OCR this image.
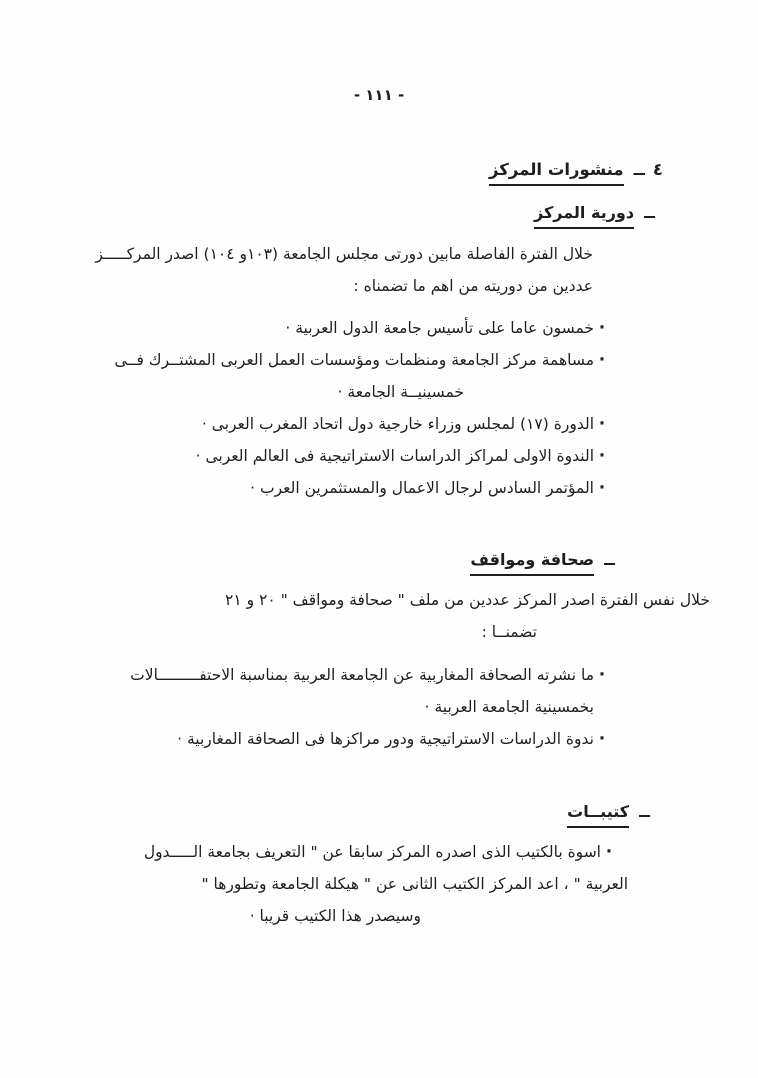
- ١١١ -
٤ــمنشورات المركز
ــدورية المركز
خلال الفترة الفاصلة مابين دورتى مجلس الجامعة (١٠٣و ١٠٤) اصدر المركـــــز
عددين من دوريته من اهم ما تضمناه :
·
خمسون عاما على تأسيس جامعة الدول العربية ·
·
مساهمة مركز الجامعة ومنظمات ومؤسسات العمل العربى المشتــرك فــى
خمسينيــة الجامعة ·
·
الدورة (١٧) لمجلس وزراء خارجية دول اتحاد المغرب العربى ·
·
الندوة الاولى لمراكز الدراسات الاستراتيجية فى العالم العربى ·
·
المؤتمر السادس لرجال الاعمال والمستثمرين العرب ·
ــصحافة ومواقف
خلال نفس الفترة اصدر المركز عددين من ملف " صحافة ومواقف " ٢٠ و ٢١
تضمنــا :
·
ما نشرته الصحافة المغاربية عن الجامعة العربية بمناسبة الاحتفـــــــــالات
بخمسينية الجامعة العربية ·
·
ندوة الدراسات الاستراتيجية ودور مراكزها فى الصحافة المغاربية ·
ــكتيبــات
·
اسوة بالكتيب الذى اصدره المركز سابقا عن " التعريف بجامعة الـــــدول
العربية " ، اعد المركز الكتيب الثانى عن " هيكلة الجامعة وتطورها "
وسيصدر هذا الكتيب قريبا ·
